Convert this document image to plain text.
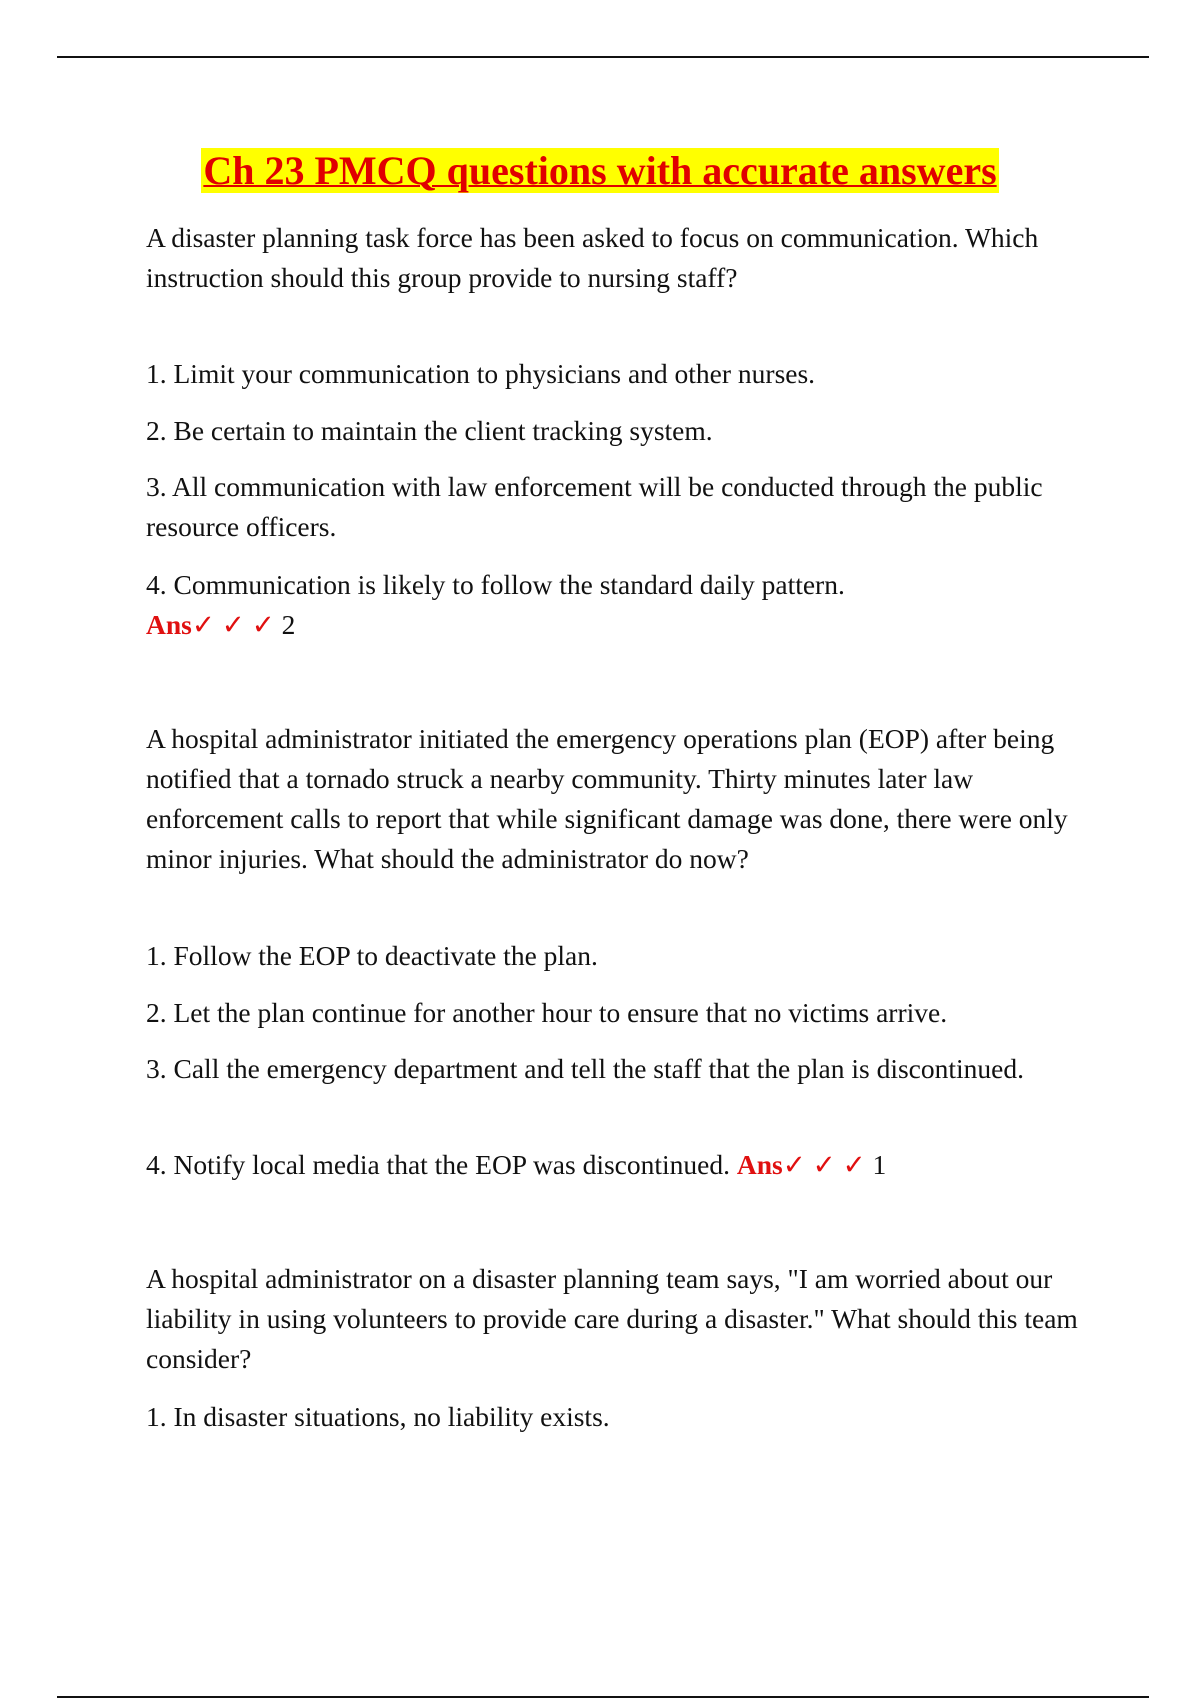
Ch 23 PMCQ questions with accurate answers
A disaster planning task force has been asked to focus on communication. Which instruction should this group provide to nursing staff?
1. Limit your communication to physicians and other nurses.
2. Be certain to maintain the client tracking system.
3. All communication with law enforcement will be conducted through the public resource officers.
4. Communication is likely to follow the standard daily pattern.
Ans✓ ✓ ✓ 2
A hospital administrator initiated the emergency operations plan (EOP) after being notified that a tornado struck a nearby community. Thirty minutes later law enforcement calls to report that while significant damage was done, there were only minor injuries. What should the administrator do now?
1. Follow the EOP to deactivate the plan.
2. Let the plan continue for another hour to ensure that no victims arrive.
3. Call the emergency department and tell the staff that the plan is discontinued.
4. Notify local media that the EOP was discontinued. Ans✓ ✓ ✓ 1
A hospital administrator on a disaster planning team says, "I am worried about our liability in using volunteers to provide care during a disaster." What should this team consider?
1. In disaster situations, no liability exists.
